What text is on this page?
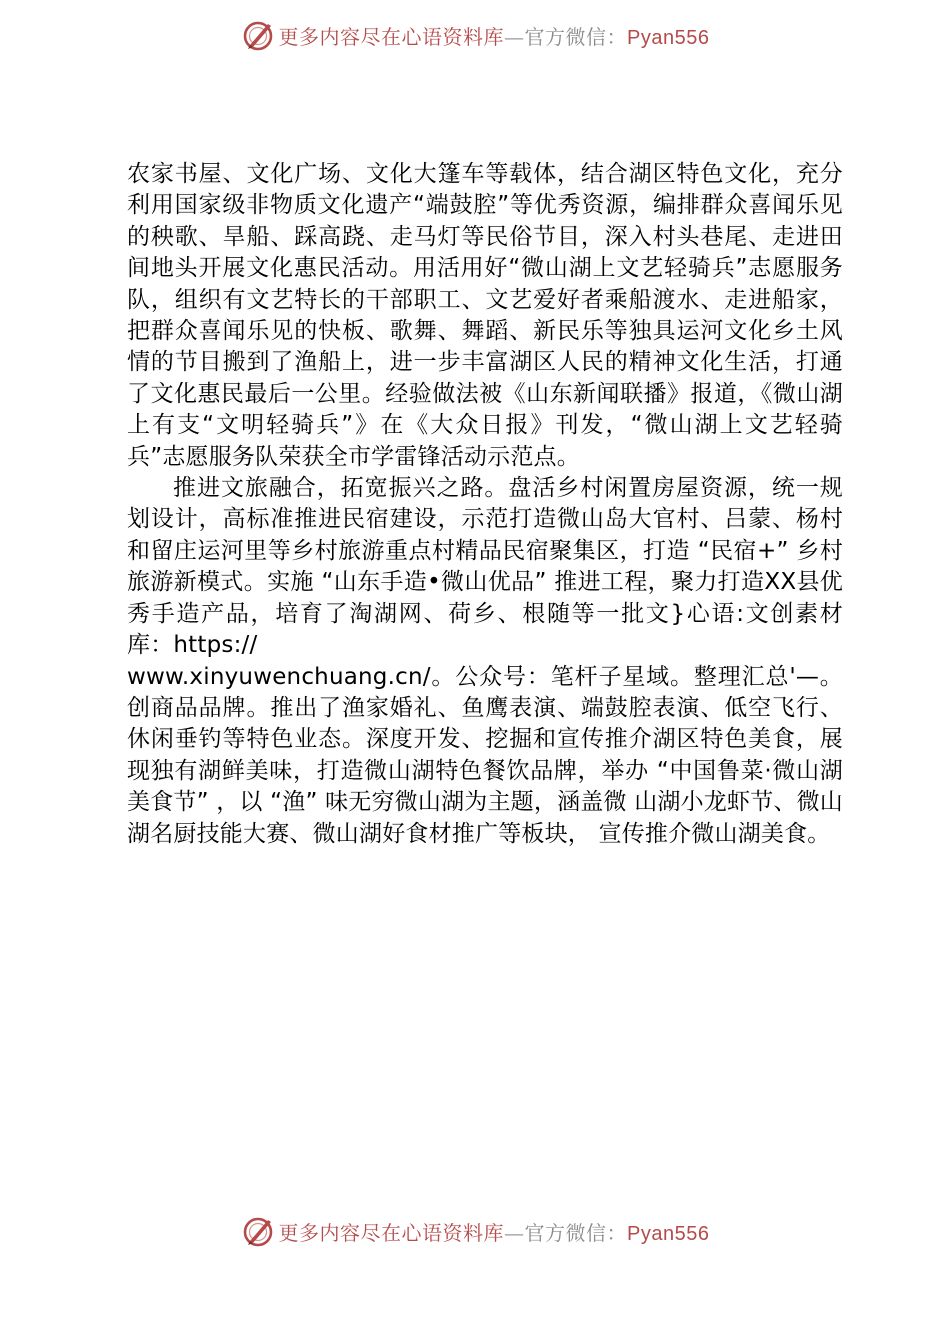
更多内容尽在心语资料库—官方微信：Pyan556

农家书屋、文化广场、文化大篷车等载体，结合湖区特色文化，充分利用国家级非物质文化遗产“端鼓腔”等优秀资源，编排群众喜闻乐见的秧歌、旱船、踩高跷、走马灯等民俗节目，深入村头巷尾、走进田间地头开展文化惠民活动。用活用好“微山湖上文艺轻骑兵”志愿服务队，组织有文艺特长的干部职工、文艺爱好者乘船渡水、走进船家，把群众喜闻乐见的快板、歌舞、舞蹈、新民乐等独具运河文化乡土风情的节目搬到了渔船上，进一步丰富湖区人民的精神文化生活，打通了文化惠民最后一公里。经验做法被《山东新闻联播》报道，《微山湖上有支“文明轻骑兵”》在《大众日报》刊发，“微山湖上文艺轻骑兵”志愿服务队荣获全市学雷锋活动示范点。

推进文旅融合，拓宽振兴之路。盘活乡村闲置房屋资源，统一规划设计，高标准推进民宿建设，示范打造微山岛大官村、吕蒙、杨村和留庄运河里等乡村旅游重点村精品民宿聚集区，打造 “民宿+” 乡村旅游新模式。实施 “山东手造•微山优品” 推进工程，聚力打造XX县优秀手造产品，培育了淘湖网、荷乡、根随等一批文}心语:文创素材库：https://
www.xinyuwenchuang.cn/。公众号：笔杆子星域。整理汇总'—。创商品品牌。推出了渔家婚礼、鱼鹰表演、端鼓腔表演、低空飞行、休闲垂钓等特色业态。深度开发、挖掘和宣传推介湖区特色美食，展现独有湖鲜美味，打造微山湖特色餐饮品牌，举办 “中国鲁菜·微山湖美食节” ，以 “渔” 味无穷微山湖为主题，涵盖微 山湖小龙虾节、微山湖名厨技能大赛、微山湖好食材推广等板块， 宣传推介微山湖美食。

更多内容尽在心语资料库—官方微信：Pyan556
